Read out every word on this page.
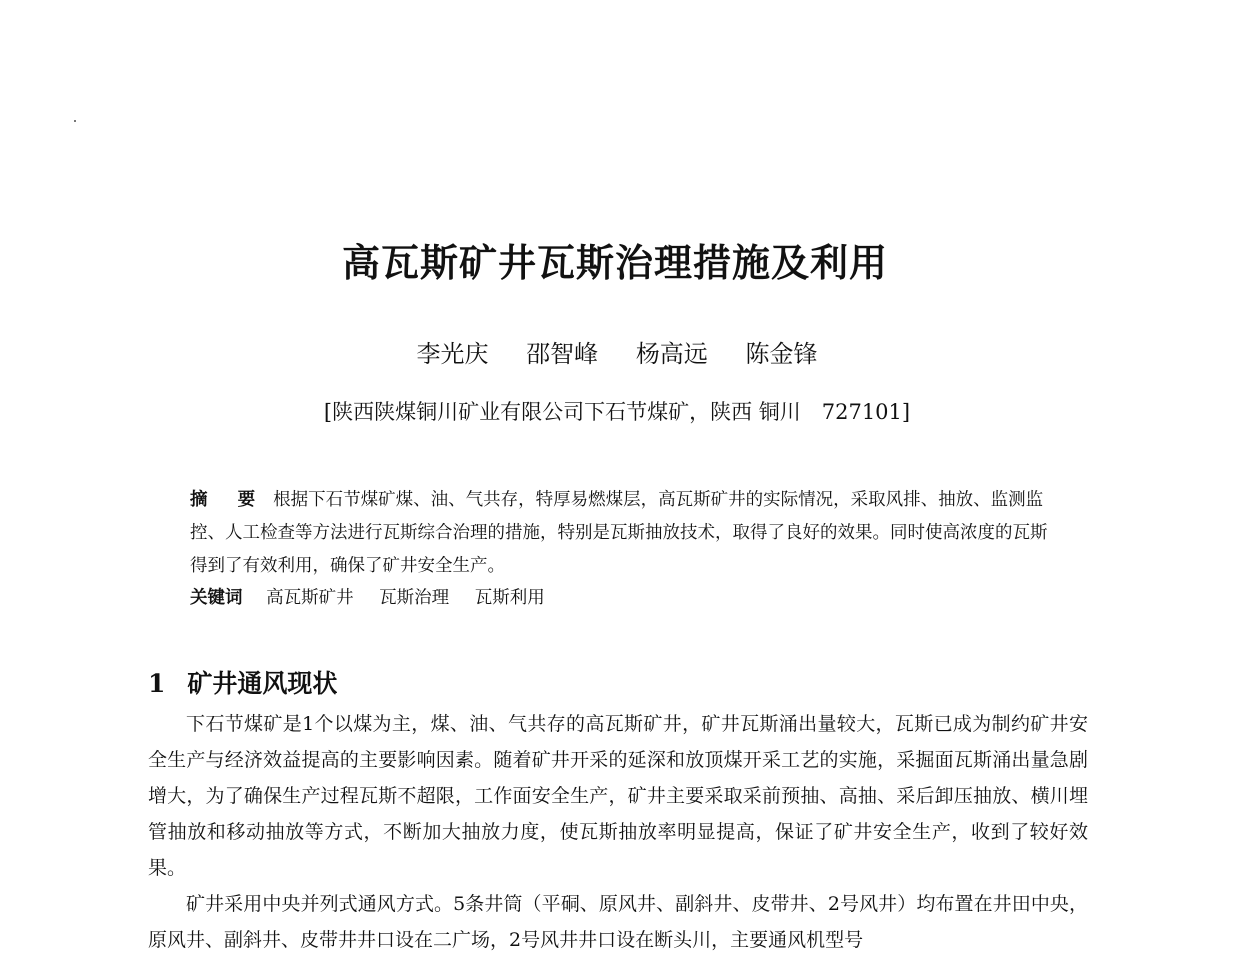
高瓦斯矿井瓦斯治理措施及利用
李光庆 邵智峰 杨高远 陈金锋
[陕西陕煤铜川矿业有限公司下石节煤矿，陕西 铜川　727101]

摘 要 根据下石节煤矿煤、油、气共存，特厚易燃煤层，高瓦斯矿井的实际情况，采取风排、抽放、监测监控、人工检查等方法进行瓦斯综合治理的措施，特别是瓦斯抽放技术，取得了良好的效果。同时使高浓度的瓦斯得到了有效利用，确保了矿井安全生产。

关键词 高瓦斯矿井 瓦斯治理 瓦斯利用

1 矿井通风现状

下石节煤矿是1个以煤为主，煤、油、气共存的高瓦斯矿井，矿井瓦斯涌出量较大，瓦斯已成为制约矿井安全生产与经济效益提高的主要影响因素。随着矿井开采的延深和放顶煤开采工艺的实施，采掘面瓦斯涌出量急剧增大，为了确保生产过程瓦斯不超限，工作面安全生产，矿井主要采取采前预抽、高抽、采后卸压抽放、横川埋管抽放和移动抽放等方式，不断加大抽放力度，使瓦斯抽放率明显提高，保证了矿井安全生产，收到了较好效果。

矿井采用中央并列式通风方式。5条井筒（平硐、原风井、副斜井、皮带井、2号风井）均布置在井田中央，原风井、副斜井、皮带井井口设在二广场，2号风井井口设在断头川，主要通风机型号
